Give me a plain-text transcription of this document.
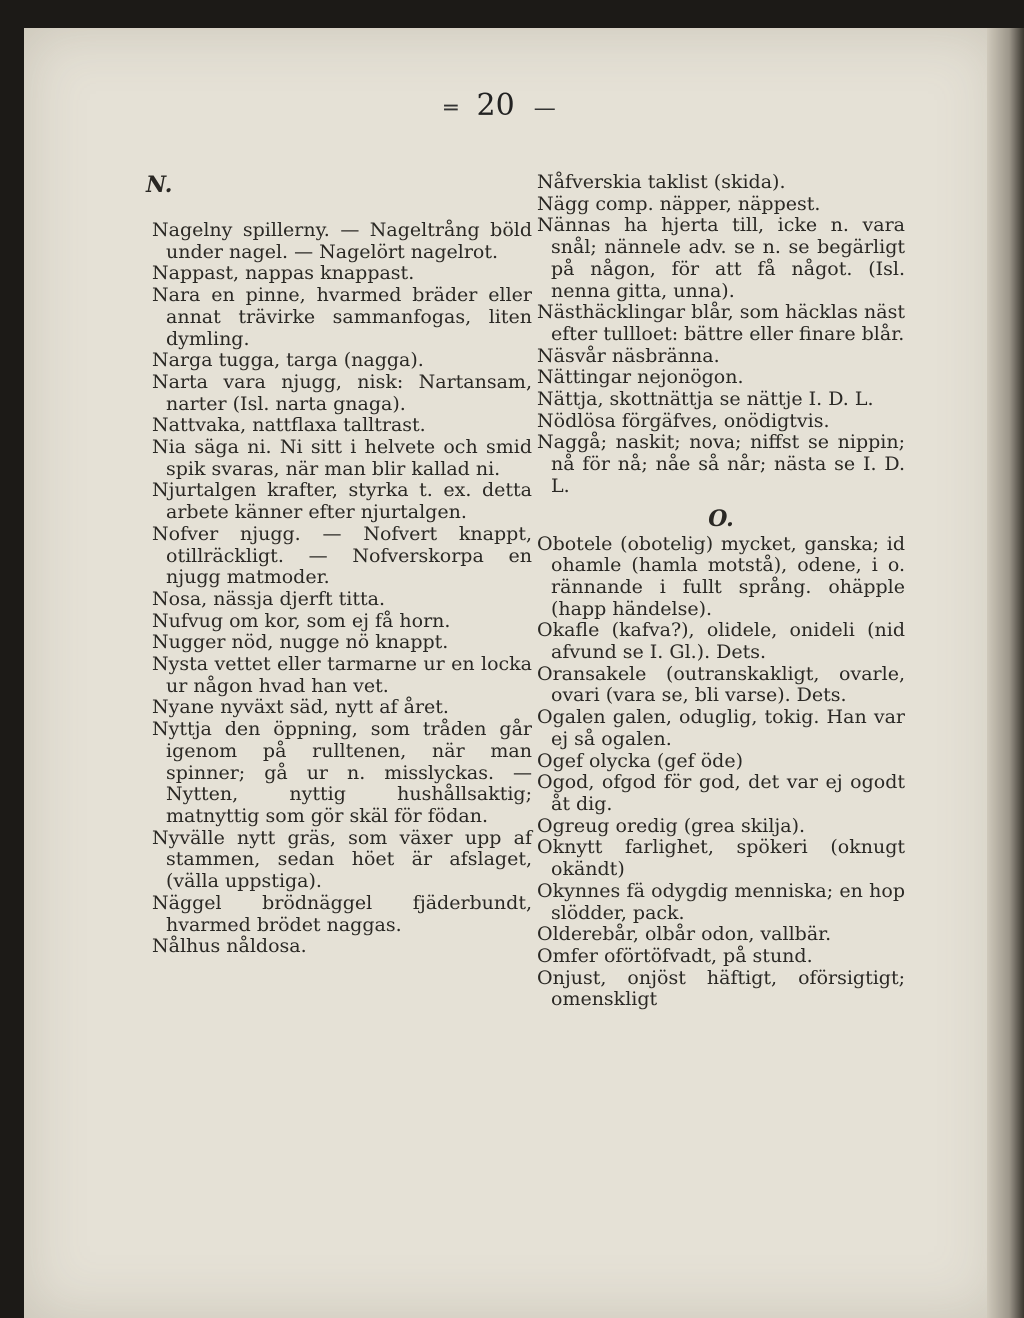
═ 20 —

N.

Nagelny spillerny. — Nageltrång böld under nagel. — Nagelört nagelrot.

Nappast, nappas knappast.

Nara en pinne, hvarmed bräder eller annat trävirke sammanfogas, liten dymling.

Narga tugga, targa (nagga).

Narta vara njugg, nisk: Nartansam, narter (Isl. narta gnaga).

Nattvaka, nattflaxa talltrast.

Nia säga ni. Ni sitt i helvete och smid spik svaras, när man blir kallad ni.

Njurtalgen krafter, styrka t. ex. detta arbete känner efter njurtalgen.

Nofver njugg. — Nofvert knappt, otillräckligt. — Nofverskorpa en njugg matmoder.

Nosa, nässja djerft titta.

Nufvug om kor, som ej få horn.

Nugger nöd, nugge nö knappt.

Nysta vettet eller tarmarne ur en locka ur någon hvad han vet.

Nyane nyväxt säd, nytt af året.

Nyttja den öppning, som tråden går igenom på rulltenen, när man spinner; gå ur n. misslyckas. — Nytten, nyttig hushållsaktig; matnyttig som gör skäl för födan.

Nyvälle nytt gräs, som växer upp af stammen, sedan höet är afslaget, (välla uppstiga).

Näggel brödnäggel fjäderbundt, hvarmed brödet naggas.

Nålhus nåldosa.

Nåfverskia taklist (skida).

Nägg comp. näpper, näppest.

Nännas ha hjerta till, icke n. vara snål; nännele adv. se n. se begärligt på någon, för att få något. (Isl. nenna gitta, unna).

Nästhäcklingar blår, som häcklas näst efter tullloet: bättre eller finare blår.

Näsvår näsbränna.

Nättingar nejonögon.

Nättja, skottnättja se nättje I. D. L.

Nödlösa förgäfves, onödigtvis.

Naggå; naskit; nova; niffst se nippin; nå för nå; nåe så når; nästa se I. D. L.

O.

Obotele (obotelig) mycket, ganska; id ohamle (hamla motstå), odene, i o. rännande i fullt språng. ohäpple (happ händelse).

Okafle (kafva?), olidele, onideli (nid afvund se I. Gl.). Dets.

Oransakele (outranskakligt, ovarle, ovari (vara se, bli varse). Dets.

Ogalen galen, oduglig, tokig. Han var ej så ogalen.

Ogef olycka (gef öde)

Ogod, ofgod för god, det var ej ogodt åt dig.

Ogreug oredig (grea skilja).

Oknytt farlighet, spökeri (oknugt okändt)

Okynnes fä odygdig menniska; en hop slödder, pack.

Olderebår, olbår odon, vallbär.

Omfer oförtöfvadt, på stund.

Onjust, onjöst häftigt, oförsigtigt; omenskligt
